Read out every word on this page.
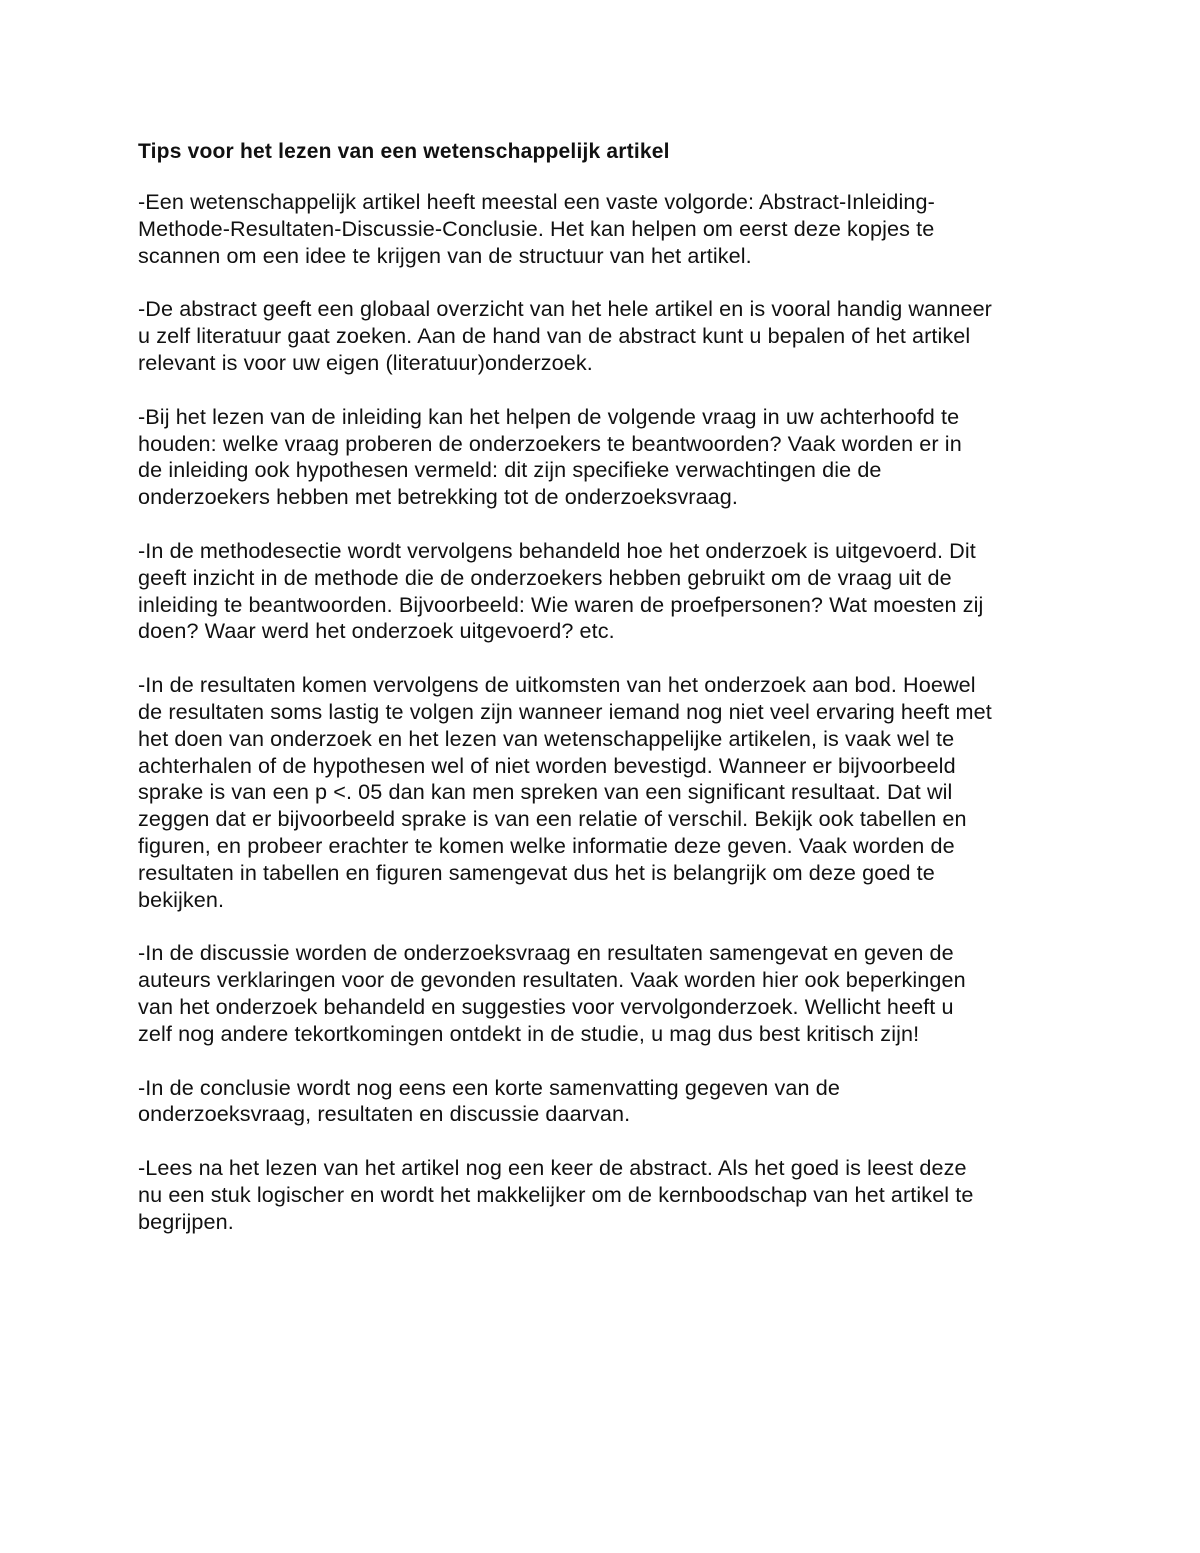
Tips voor het lezen van een wetenschappelijk artikel

-Een wetenschappelijk artikel heeft meestal een vaste volgorde: Abstract-Inleiding-
Methode-Resultaten-Discussie-Conclusie. Het kan helpen om eerst deze kopjes te
scannen om een idee te krijgen van de structuur van het artikel.

-De abstract geeft een globaal overzicht van het hele artikel en is vooral handig wanneer
u zelf literatuur gaat zoeken. Aan de hand van de abstract kunt u bepalen of het artikel
relevant is voor uw eigen (literatuur)onderzoek.

-Bij het lezen van de inleiding kan het helpen de volgende vraag in uw achterhoofd te
houden: welke vraag proberen de onderzoekers te beantwoorden? Vaak worden er in
de inleiding ook hypothesen vermeld: dit zijn specifieke verwachtingen die de
onderzoekers hebben met betrekking tot de onderzoeksvraag.

-In de methodesectie wordt vervolgens behandeld hoe het onderzoek is uitgevoerd. Dit
geeft inzicht in de methode die de onderzoekers hebben gebruikt om de vraag uit de
inleiding te beantwoorden. Bijvoorbeeld: Wie waren de proefpersonen? Wat moesten zij
doen? Waar werd het onderzoek uitgevoerd? etc.

-In de resultaten komen vervolgens de uitkomsten van het onderzoek aan bod. Hoewel
de resultaten soms lastig te volgen zijn wanneer iemand nog niet veel ervaring heeft met
het doen van onderzoek en het lezen van wetenschappelijke artikelen, is vaak wel te
achterhalen of de hypothesen wel of niet worden bevestigd. Wanneer er bijvoorbeeld
sprake is van een p <. 05 dan kan men spreken van een significant resultaat. Dat wil
zeggen dat er bijvoorbeeld sprake is van een relatie of verschil. Bekijk ook tabellen en
figuren, en probeer erachter te komen welke informatie deze geven. Vaak worden de
resultaten in tabellen en figuren samengevat dus het is belangrijk om deze goed te
bekijken.

-In de discussie worden de onderzoeksvraag en resultaten samengevat en geven de
auteurs verklaringen voor de gevonden resultaten. Vaak worden hier ook beperkingen
van het onderzoek behandeld en suggesties voor vervolgonderzoek. Wellicht heeft u
zelf nog andere tekortkomingen ontdekt in de studie, u mag dus best kritisch zijn!

-In de conclusie wordt nog eens een korte samenvatting gegeven van de
onderzoeksvraag, resultaten en discussie daarvan.

-Lees na het lezen van het artikel nog een keer de abstract. Als het goed is leest deze
nu een stuk logischer en wordt het makkelijker om de kernboodschap van het artikel te
begrijpen.
